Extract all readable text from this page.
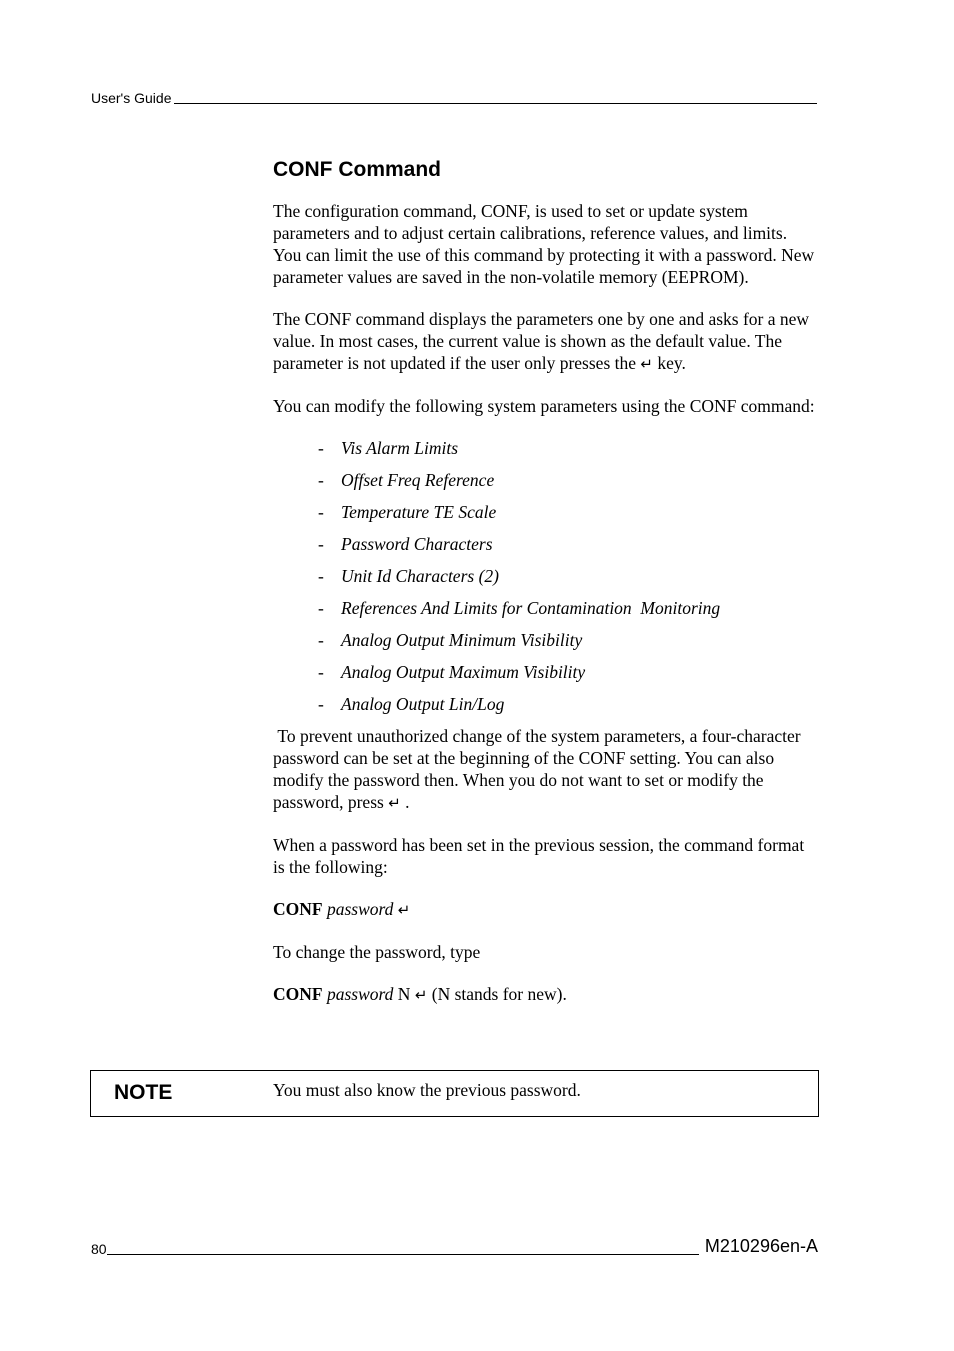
User's Guide
CONF Command

The configuration command, CONF, is used to set or update system parameters and to adjust certain calibrations, reference values, and limits. You can limit the use of this command by protecting it with a password. New parameter values are saved in the non-volatile memory (EEPROM).

The CONF command displays the parameters one by one and asks for a new value. In most cases, the current value is shown as the default value. The parameter is not updated if the user only presses the ↵ key.

You can modify the following system parameters using the CONF command:

- Vis Alarm Limits
- Offset Freq Reference
- Temperature TE Scale
- Password Characters
- Unit Id Characters (2)
- References And Limits for Contamination  Monitoring
- Analog Output Minimum Visibility
- Analog Output Maximum Visibility
- Analog Output Lin/Log

To prevent unauthorized change of the system parameters, a four-character password can be set at the beginning of the CONF setting. You can also modify the password then. When you do not want to set or modify the password, press ↵ .

When a password has been set in the previous session, the command format is the following:

CONF password ↵

To change the password, type

CONF password N ↵ (N stands for new).

NOTE	You must also know the previous password.
80	M210296en-A
